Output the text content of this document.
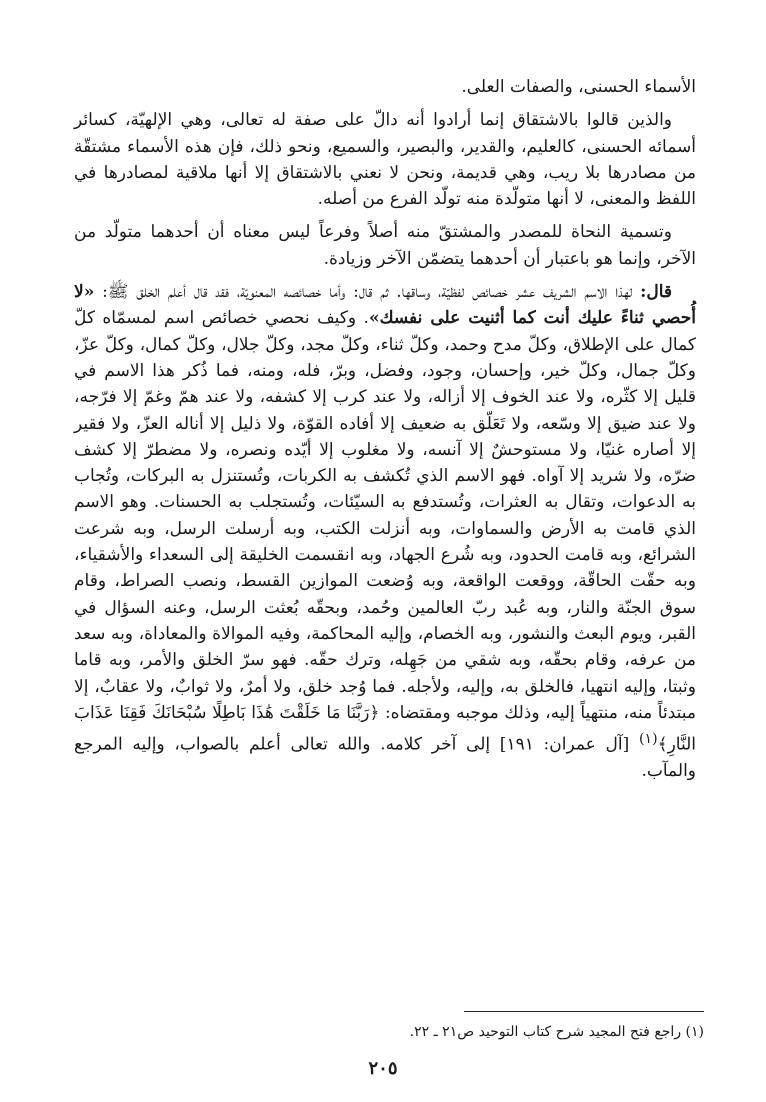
الأسماء الحسنى، والصفات العلى.

والذين قالوا بالاشتقاق إنما أرادوا أنه دالّ على صفة له تعالى، وهي الإلهيّة، كسائر أسمائه الحسنى، كالعليم، والقدير، والبصير، والسميع، ونحو ذلك، فإن هذه الأسماء مشتقّة من مصادرها بلا ريب، وهي قديمة، ونحن لا نعني بالاشتقاق إلا أنها ملاقية لمصادرها في اللفظ والمعنى، لا أنها متولّدة منه تولّد الفرع من أصله.

وتسمية النحاة للمصدر والمشتقّ منه أصلاً وفرعاً ليس معناه أن أحدهما متولّد من الآخر، وإنما هو باعتبار أن أحدهما يتضمّن الآخر وزيادة.

قال: لهذا الاسم الشريف عشر خصائص لفظيّة، وساقها. ثم قال: وأما خصائصه المعنويّة، فقد قال أعلم الخلق ﷺ: «لا أُحصي ثناءً عليك أنت كما أثنيت على نفسك». وكيف نحصي خصائص اسم لمسمّاه كلّ كمال على الإطلاق، وكلّ مدح وحمد، وكلّ ثناء، وكلّ مجد، وكلّ جلال، وكلّ كمال، وكلّ عزّ، وكلّ جمال، وكلّ خير، وإحسان، وجود، وفضل، وبرّ، فله، ومنه، فما ذُكر هذا الاسم في قليل إلا كثّره، ولا عند الخوف إلا أزاله، ولا عند كرب إلا كشفه، ولا عند همّ وغمّ إلا فرّجه، ولا عند ضيق إلا وسّعه، ولا تَعَلّق به ضعيف إلا أفاده القوّة، ولا ذليل إلا أناله العزّ، ولا فقير إلا أصاره غنيّا، ولا مستوحشٌ إلا آنسه، ولا مغلوب إلا أيّده ونصره، ولا مضطرّ إلا كشف ضرّه، ولا شريد إلا آواه. فهو الاسم الذي تُكشف به الكربات، وتُستنزل به البركات، وتُجاب به الدعوات، وتقال به العثرات، وتُستدفع به السيّئات، وتُستجلب به الحسنات. وهو الاسم الذي قامت به الأرض والسماوات، وبه أنزلت الكتب، وبه أرسلت الرسل، وبه شرعت الشرائع، وبه قامت الحدود، وبه شُرع الجهاد، وبه انقسمت الخليقة إلى السعداء والأشقياء، وبه حقّت الحاقّة، ووقعت الواقعة، وبه وُضعت الموازين القسط، ونصب الصراط، وقام سوق الجنّة والنار، وبه عُبد ربّ العالمين وحُمد، وبحقّه بُعثت الرسل، وعنه السؤال في القبر، ويوم البعث والنشور، وبه الخصام، وإليه المحاكمة، وفيه الموالاة والمعاداة، وبه سعد من عرفه، وقام بحقّه، وبه شقي من جَهِله، وترك حقّه. فهو سرّ الخلق والأمر، وبه قاما وثبتا، وإليه انتهيا، فالخلق به، وإليه، ولأجله. فما وُجد خلق، ولا أمرٌ، ولا ثوابٌ، ولا عقابٌ، إلا مبتدئاً منه، منتهياً إليه، وذلك موجبه ومقتضاه: ﴿رَبَّنَا مَا خَلَقْتَ هَٰذَا بَاطِلًا سُبْحَانَكَ فَقِنَا عَذَابَ النَّارِ﴾$^{(١)}$ [آل عمران: ١٩١] إلى آخر كلامه. والله تعالى أعلم بالصواب، وإليه المرجع والمآب.

(١) راجع فتح المجيد شرح كتاب التوحيد ص٢١ ـ ٢٢.
٢٠٥
